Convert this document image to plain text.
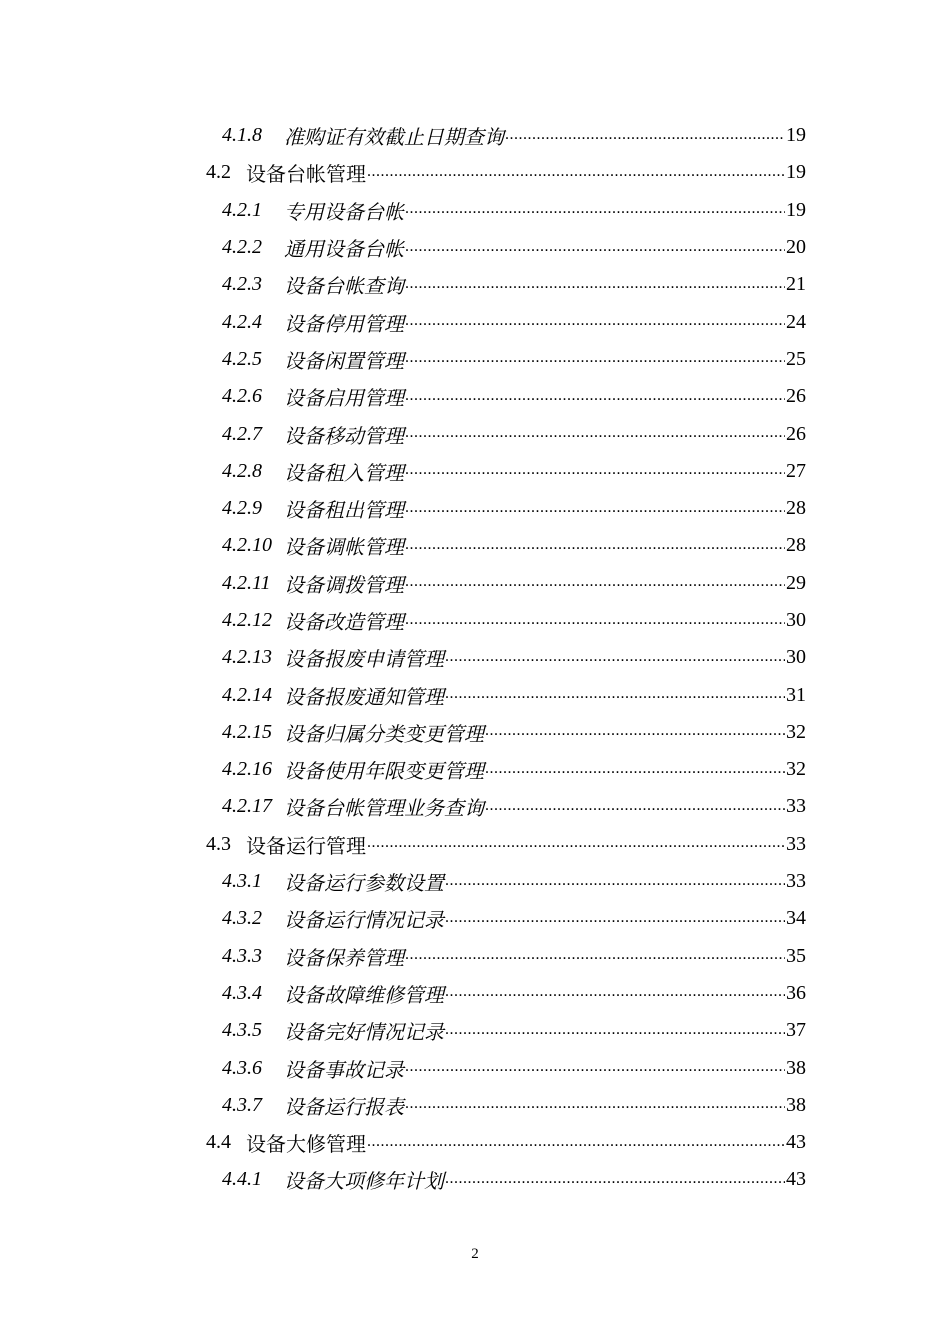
4.1.8	准购证有效截止日期查询 .....	19
4.2 设备台帐管理 .....	19
4.2.1	专用设备台帐 .....	19
4.2.2	通用设备台帐 .....	20
4.2.3	设备台帐查询 .....	21
4.2.4	设备停用管理 .....	24
4.2.5	设备闲置管理 .....	25
4.2.6	设备启用管理 .....	26
4.2.7	设备移动管理 .....	26
4.2.8	设备租入管理 .....	27
4.2.9	设备租出管理 .....	28
4.2.10 设备调帐管理 .....	28
4.2.11 设备调拨管理 .....	29
4.2.12 设备改造管理 .....	30
4.2.13 设备报废申请管理 .....	30
4.2.14 设备报废通知管理 .....	31
4.2.15 设备归属分类变更管理 .....	32
4.2.16 设备使用年限变更管理 .....	32
4.2.17 设备台帐管理业务查询 .....	33
4.3 设备运行管理 .....	33
4.3.1	设备运行参数设置 .....	33
4.3.2	设备运行情况记录 .....	34
4.3.3	设备保养管理 .....	35
4.3.4	设备故障维修管理 .....	36
4.3.5	设备完好情况记录 .....	37
4.3.6	设备事故记录 .....	38
4.3.7	设备运行报表 .....	38
4.4 设备大修管理 .....	43
4.4.1	设备大项修年计划 .....	43
2
